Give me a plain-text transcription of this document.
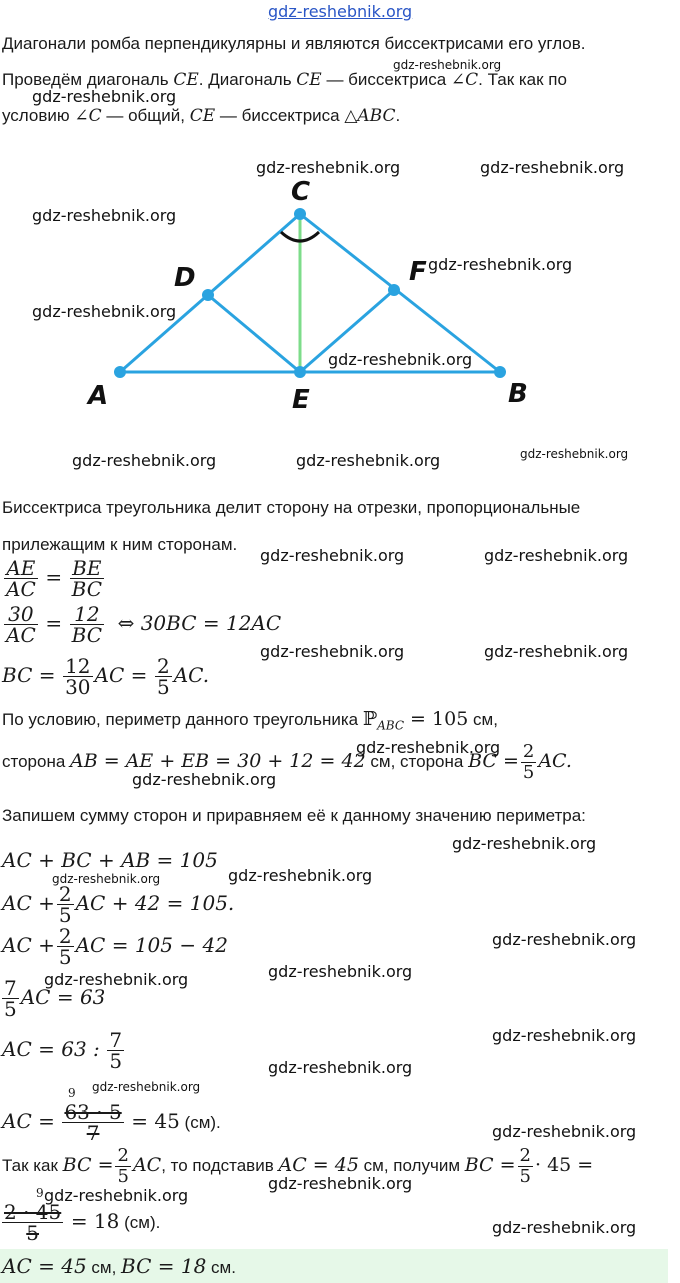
gdz-reshebnik.org
Диагонали ромба перпендикулярны и являются биссектрисами его углов.
Проведём диагональ CE. Диагональ CE — биссектриса ∠C. Так как по
условию ∠C — общий, CE — биссектриса △ABC.
A	B
C
D
E
F
Биссектриса треугольника делит сторону на отрезки, пропорциональные
прилежащим к ним сторонам.
$\frac{AE}{AC} = \frac{BE}{BC}$
$\frac{30}{AC} = \frac{12}{BC}$ ⇔ 30BC = 12AC
BC = $\frac{12}{30}$ AC = $\frac{2}{5}$ AC.
По условию, периметр данного треугольника ℙ$_{ABC}$ = 105 см,
сторона AB = AE + EB = 30 + 12 = 42 см, сторона BC = $\frac{2}{5}$ AC.
Запишем сумму сторон и приравняем её к данному значению периметра:
AC + BC + AB = 105
AC + $\frac{2}{5}$ AC + 42 = 105.
AC + $\frac{2}{5}$ AC = 105 − 42
$\frac{7}{5}$ AC = 63
AC = 63 : $\frac{7}{5}$
9
AC = $\frac{63 \cdot 5}{7} = 45$ (см).
Так как BC = $\frac{2}{5}$ AC, то подставив AC = 45 см, получим BC = $\frac{2}{5} \cdot 45$ =
9
$\frac{2 \cdot 45}{5} = 18$ (см).
AC = 45 см, BC = 18 см.
gdz-reshebnik.org
gdz-reshebnik.org
gdz-reshebnik.org	gdz-reshebnik.org
gdz-reshebnik.org
gdz-reshebnik.org
gdz-reshebnik.org
gdz-reshebnik.org
gdz-reshebnik.org	gdz-reshebnik.org	gdz-reshebnik.org
gdz-reshebnik.org	gdz-reshebnik.org
gdz-reshebnik.org	gdz-reshebnik.org
gdz-reshebnik.org
gdz-reshebnik.org
gdz-reshebnik.org
gdz-reshebnik.org	gdz-reshebnik.org
gdz-reshebnik.org
gdz-reshebnik.org
gdz-reshebnik.org
gdz-reshebnik.org
gdz-reshebnik.org
gdz-reshebnik.org
gdz-reshebnik.org
gdz-reshebnik.org
gdz-reshebnik.org
gdz-reshebnik.org
